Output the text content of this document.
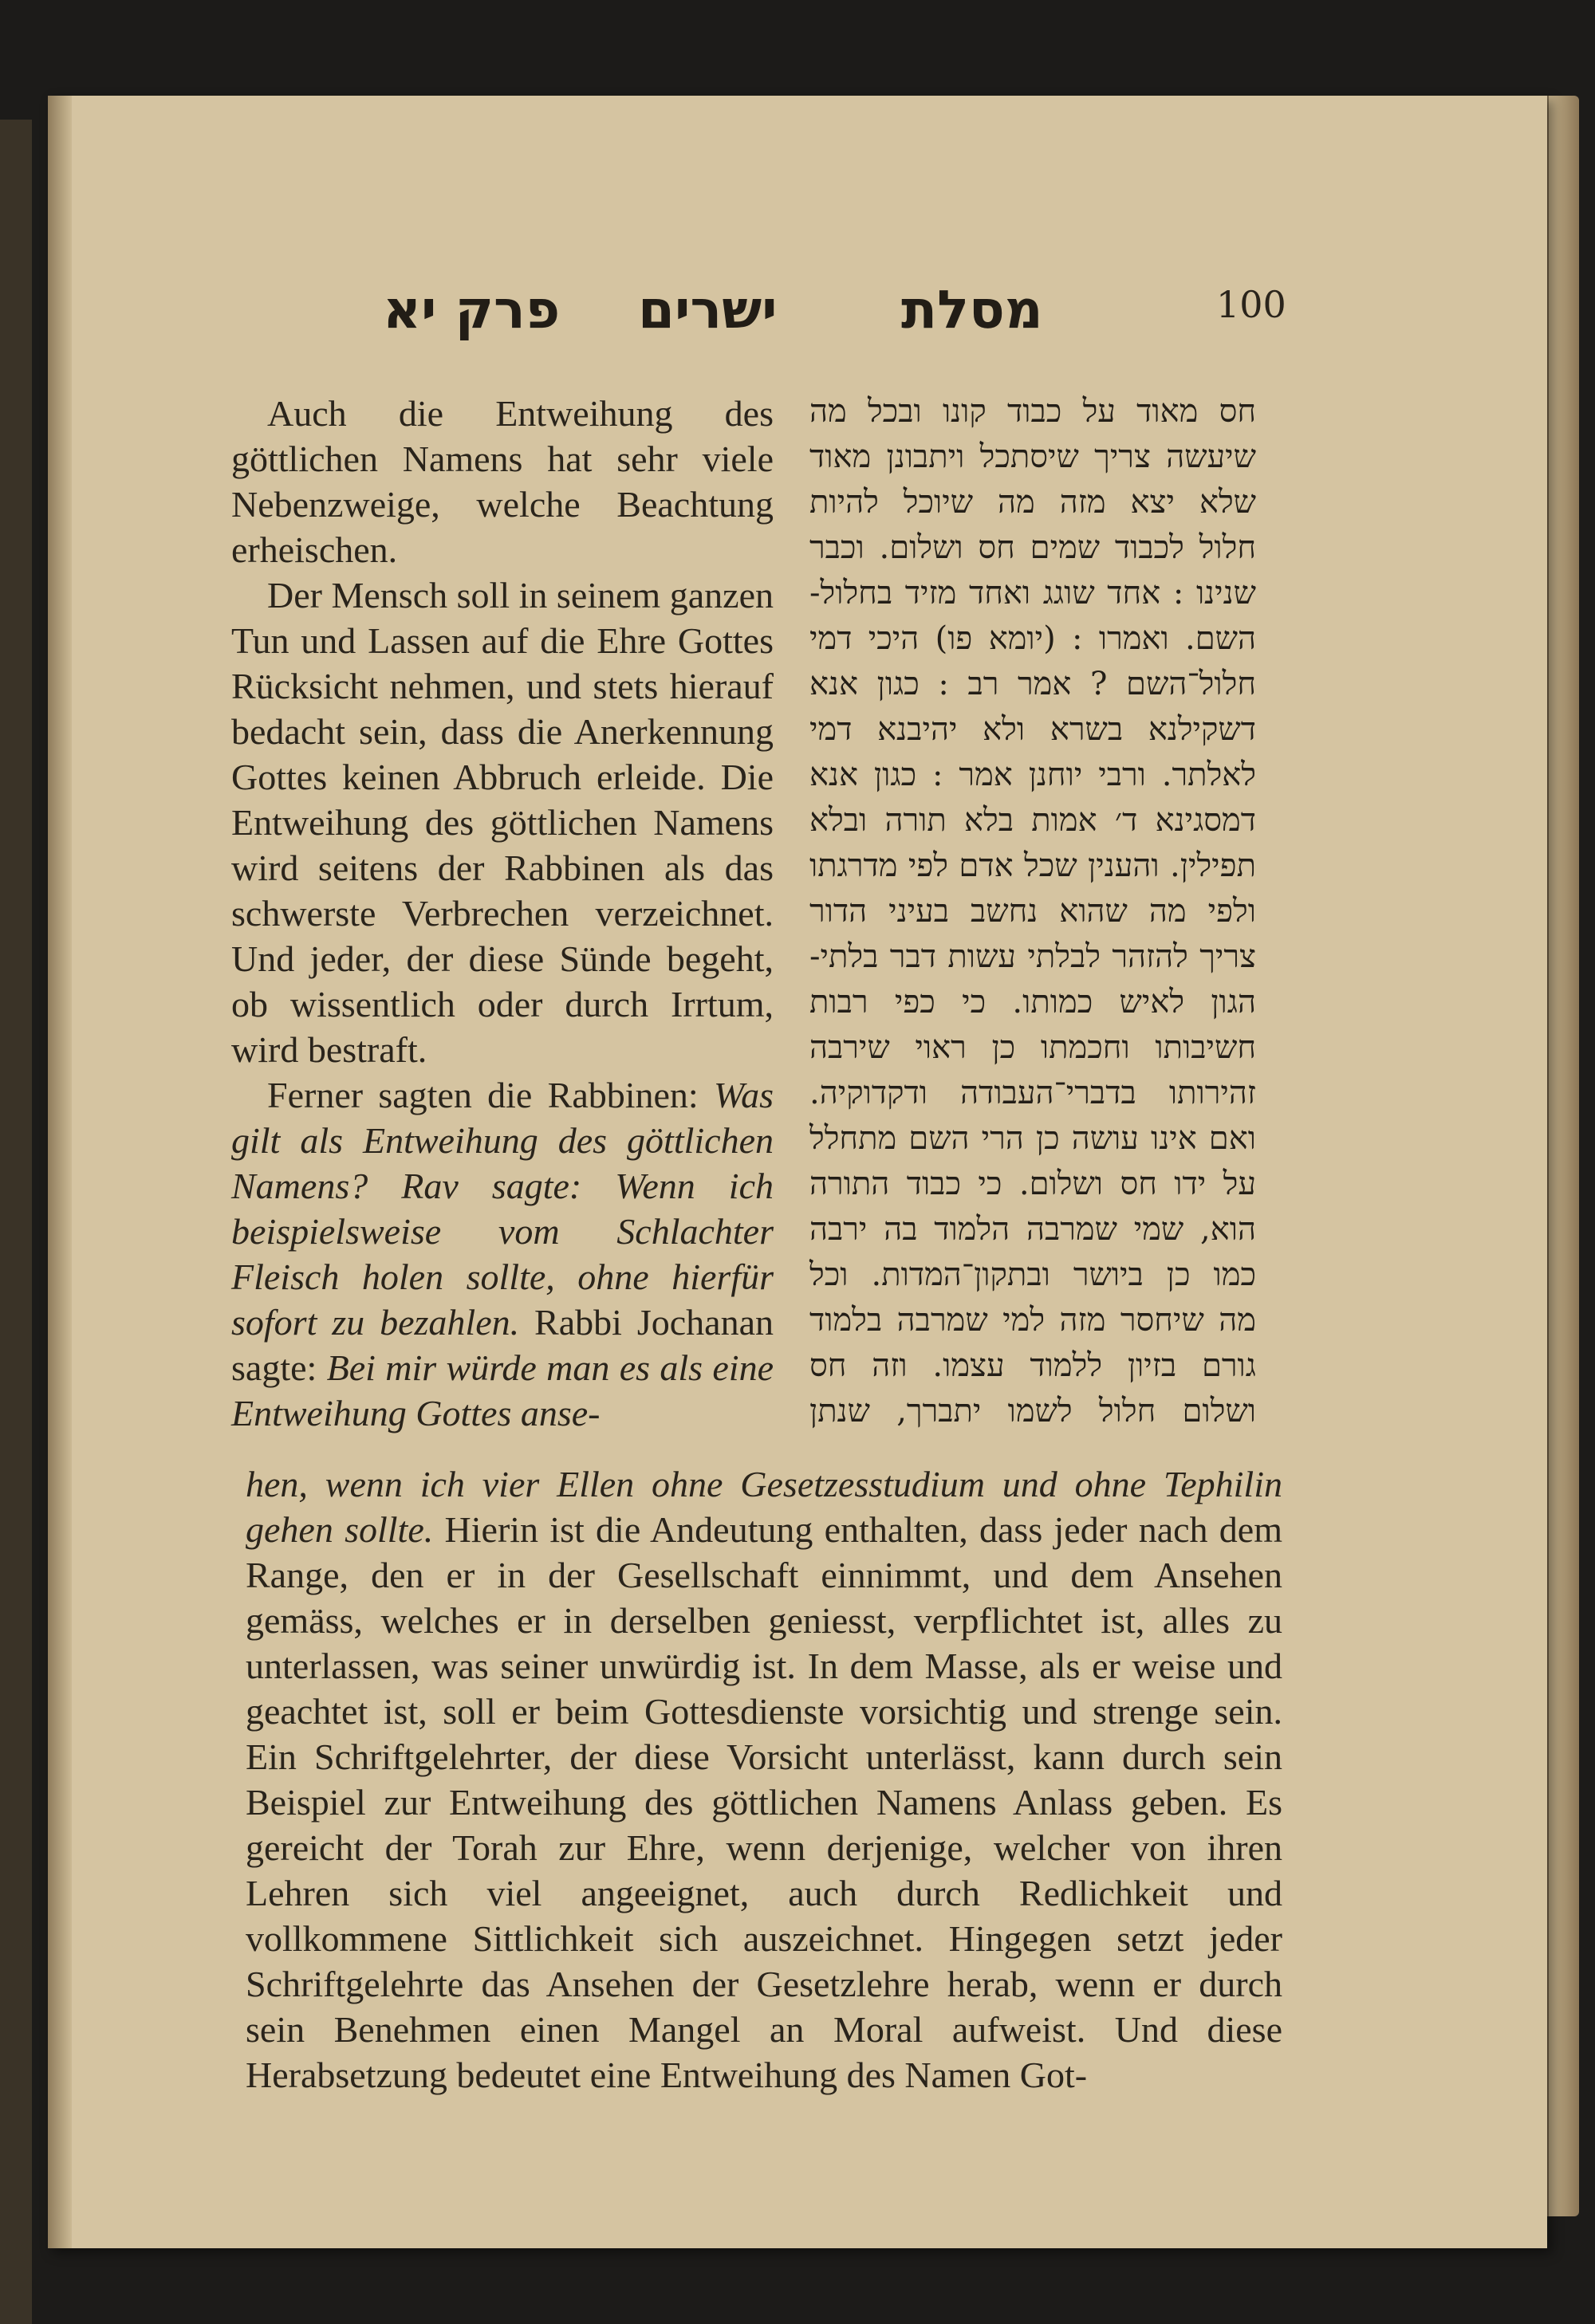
100
מסלת
ישרים
פרק יא

Auch die Entweihung des göttlichen Namens hat sehr viele Nebenzweige, welche Beachtung erheischen.

Der Mensch soll in seinem ganzen Tun und Lassen auf die Ehre Gottes Rücksicht nehmen, und stets hierauf bedacht sein, dass die Anerkennung Gottes keinen Abbruch erleide. Die Entweihung des göttlichen Namens wird seitens der Rabbinen als das schwerste Verbrechen verzeichnet. Und jeder, der diese Sünde begeht, ob wissentlich oder durch Irrtum, wird bestraft.

Ferner sagten die Rabbinen: Was gilt als Entweihung des göttlichen Namens? Rav sagte: Wenn ich beispielsweise vom Schlachter Fleisch holen sollte, ohne hierfür sofort zu bezahlen. Rabbi Jochanan sagte: Bei mir würde man es als eine Entweihung Gottes anse-

חס מאוד על כבוד קונו ובכל מה
שיעשה צריך שיסתכל ויתבונן מאוד
שלא יצא מזה מה שיוכל להיות
חלול לכבוד שמים חס ושלום. וכבר
שנינו : אחד שוגג ואחד מזיד בחלול-
השם. ואמרו : (יומא פו) היכי דמי
חלול־השם ? אמר רב : כגון אנא
דשקילנא בשרא ולא יהיבנא דמי
לאלתר. ורבי יוחנן אמר : כגון אנא
דמסגינא ד׳ אמות בלא תורה ובלא
תפילין. והענין שכל אדם לפי מדרגתו
ולפי מה שהוא נחשב בעיני הדור
צריך להזהר לבלתי עשות דבר בלתי-
הגון לאיש כמותו. כי כפי רבות
חשיבותו וחכמתו כן ראוי שירבה
זהירותו בדברי־העבודה ודקדוקיה.
ואם אינו עושה כן הרי השם מתחלל
על ידו חס ושלום. כי כבוד התורה
הוא, שמי שמרבה הלמוד בה ירבה
כמו כן ביושר ובתקון־המדות. וכל
מה שיחסר מזה למי שמרבה בלמוד
גורם בזיון ללמוד עצמו. וזה חס
ושלום חלול לשמו יתברך, שנתן
hen, wenn ich vier Ellen ohne Gesetzesstudium und ohne Tephilin gehen sollte. Hierin ist die Andeutung enthalten, dass jeder nach dem Range, den er in der Gesellschaft einnimmt, und dem Ansehen gemäss, welches er in derselben geniesst, verpflichtet ist, alles zu unterlassen, was seiner unwürdig ist. In dem Masse, als er weise und geachtet ist, soll er beim Gottesdienste vorsichtig und strenge sein. Ein Schriftgelehrter, der diese Vorsicht unterlässt, kann durch sein Beispiel zur Entweihung des göttlichen Namens Anlass geben. Es gereicht der Torah zur Ehre, wenn derjenige, welcher von ihren Lehren sich viel angeeignet, auch durch Redlichkeit und vollkommene Sittlichkeit sich auszeichnet. Hingegen setzt jeder Schriftgelehrte das Ansehen der Gesetzlehre herab, wenn er durch sein Benehmen einen Mangel an Moral aufweist. Und diese Herabsetzung bedeutet eine Entweihung des Namen Got-
